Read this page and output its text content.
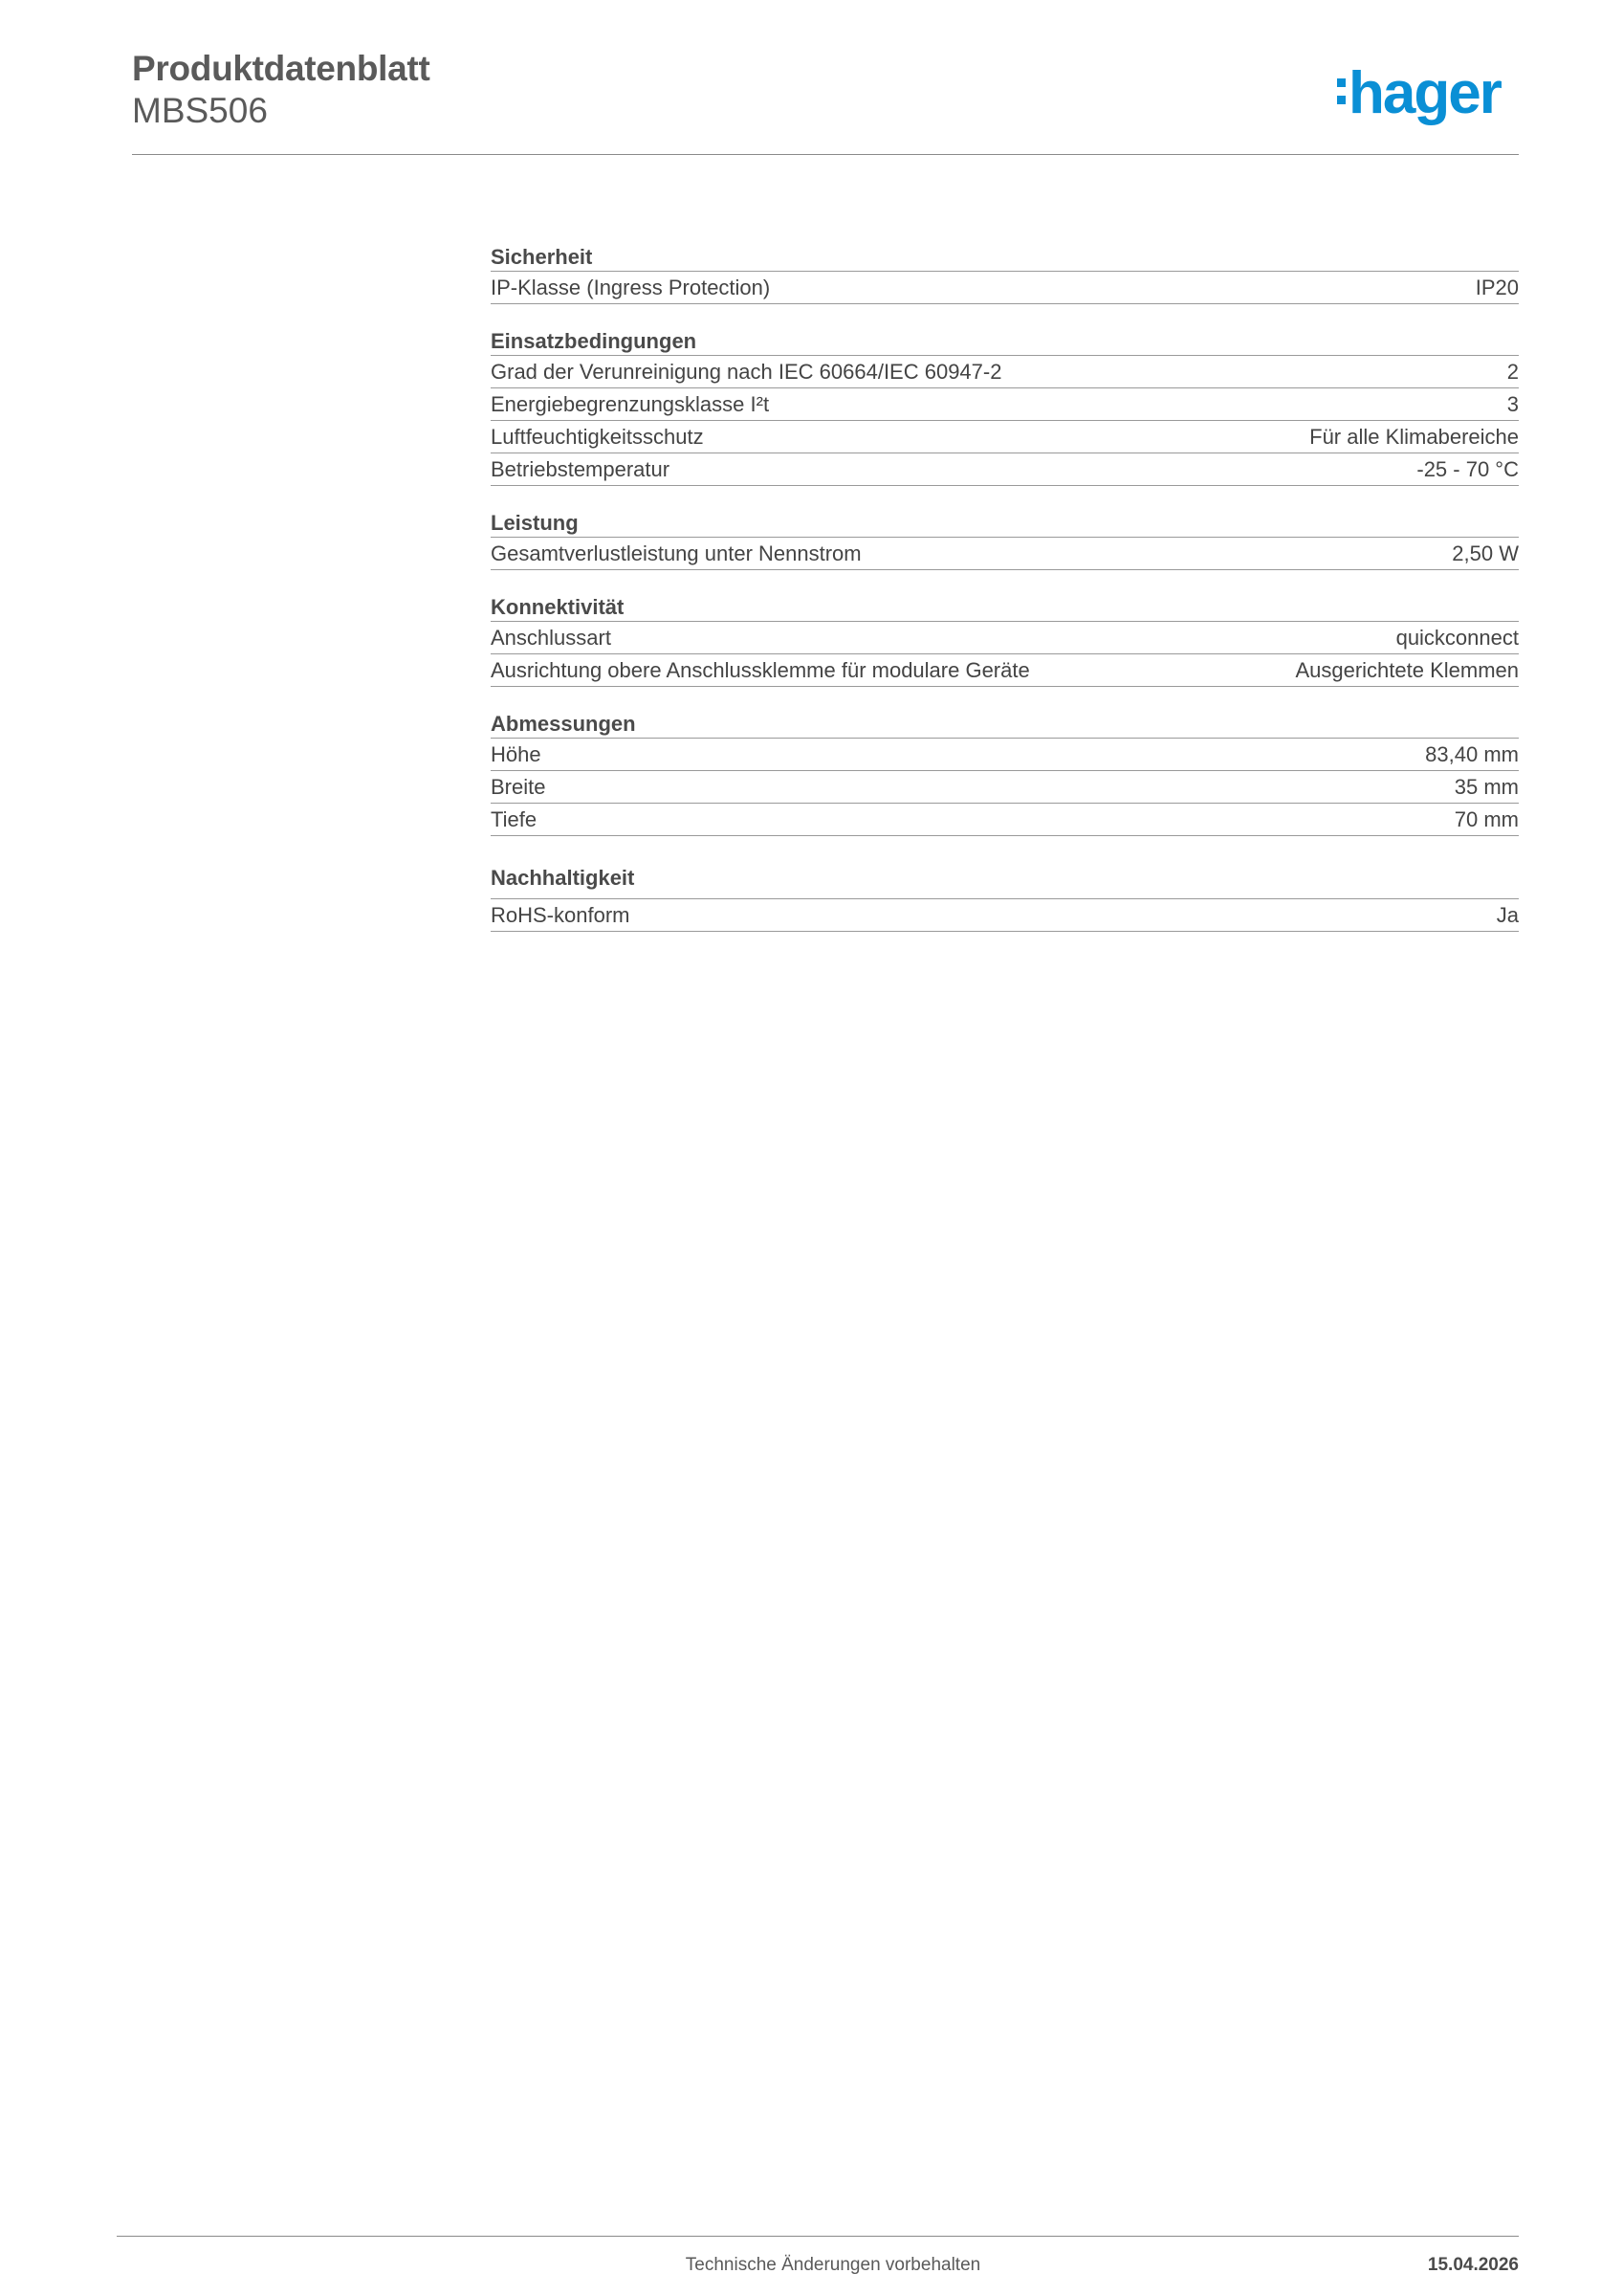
Produktdatenblatt
MBS506	hager
Sicherheit
IP-Klasse (Ingress Protection)	IP20
Einsatzbedingungen
Grad der Verunreinigung nach IEC 60664/IEC 60947-2	2
Energiebegrenzungsklasse I²t	3
Luftfeuchtigkeitsschutz	Für alle Klimabereiche
Betriebstemperatur	-25 - 70 °C
Leistung
Gesamtverlustleistung unter Nennstrom	2,50 W
Konnektivität
Anschlussart	quickconnect
Ausrichtung obere Anschlussklemme für modulare Geräte	Ausgerichtete Klemmen
Abmessungen
Höhe	83,40 mm
Breite	35 mm
Tiefe	70 mm
Nachhaltigkeit
RoHS-konform	Ja
Technische Änderungen vorbehalten	15.04.2026
